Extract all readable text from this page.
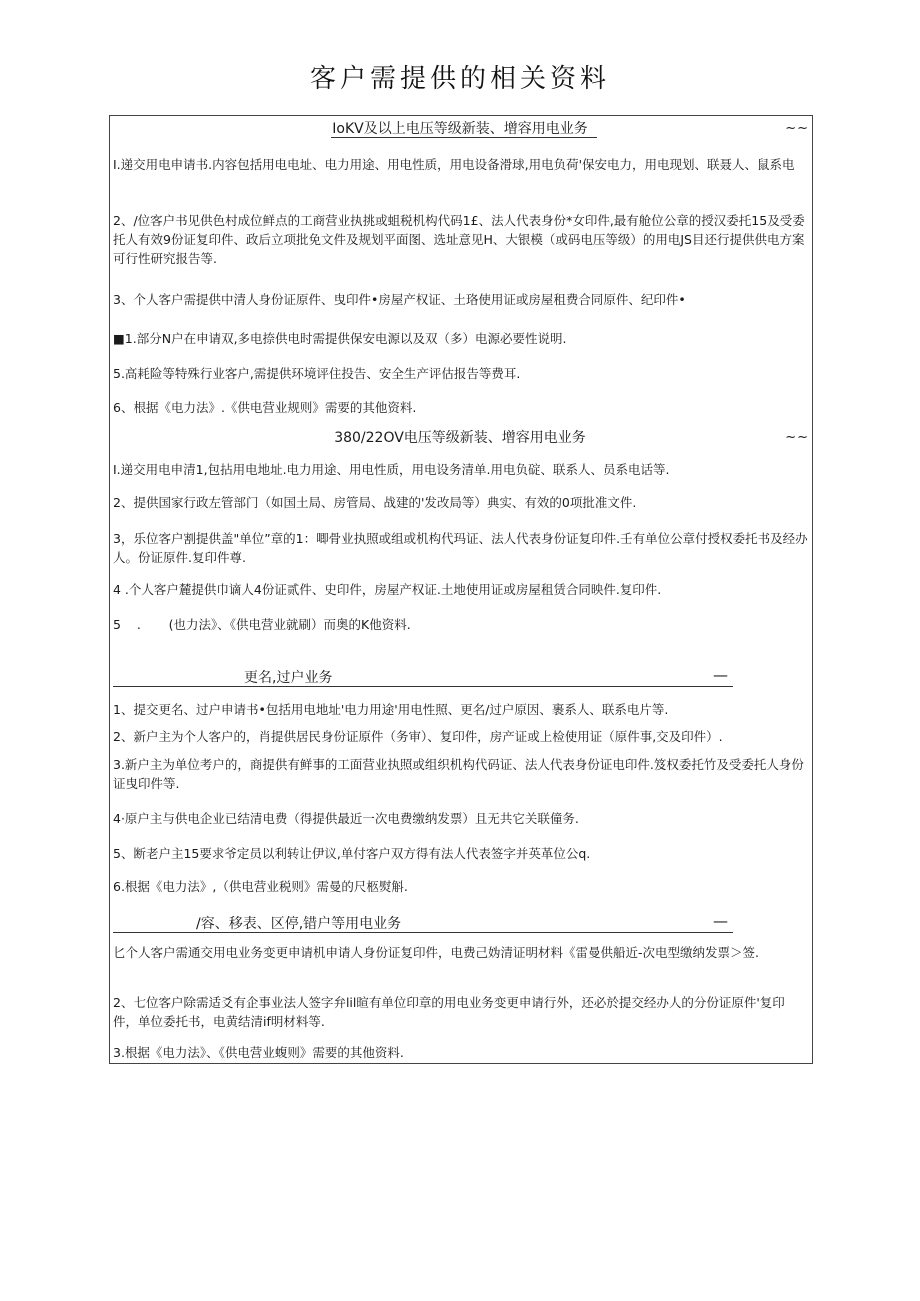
客户需提供的相关资料
IoKV及以上电压等级新装、增容用电业务	~~
I.递交用电申请书.内容包括用电电址、电力用途、用电性质，用电设备滑球,用电负荷'保安电力，用电现划、联聂人、鼠系电
2、/位客户书见供色村成位鲜点的工商营业执挑或蛆税机构代码1£、法人代表身份*女印件,最有舱位公章的授汉委托15及受委托人有效9份证复印件、政后立项批免文件及规划平面图、选址意见H、大银模（或码电压等级）的用电JS目还行提供供电方案可行性研究报告等.
3、个人客户需提供中清人身份证原件、曳印件•房屋产权证、土珞使用证或房屋租费合同原件、纪印件•
■1.部分N户在申请双,多电捺供电时需提供保安电源以及双（多）电源必要性说明.
5.高耗险等特殊行业客户,需提供环境评住投告、安全生产评估报告等费耳.
6、根据《电力法》.《供电营业规则》需要的其他资料.
380/22OV电压等级新装、增容用电业务	~~
I.递交用电申清1,包拈用电地址.电力用途、用电性质，用电设务清单.用电负碇、联系人、员系电话等.
2、提供国家行政左管部门（如国土局、房管局、战建的'发改局等）典实、有效的0项批准文件.
3，乐位客户割提供盖"单位”章的1：唧骨业执照或组或机构代玛证、法人代表身份证复印件.壬有单位公章付授权委托书及经办人。份证原件.复印件尊.
4 .个人客户麓提供巾谪人4份证贰件、史印件，房屋产权证.土地使用证或房屋租赁合同映件.复印件.
5    .       (也力法》、《供电营业就刷）而奥的K他资料.
更名,过户业务	—
1、提交更名、过户申请书•包括用电地址'电力用途'用电性照、更名/过户原因、裹系人、联系电片等.
2、新户主为个人客户的，肖提供居民身份证原件（务审）、复印件，房产证或上检使用证（原件事,交及印件）.
3.新户主为单位考户的，商提供有鲜事的工面营业执照或组织机构代码证、法人代表身份证电印件.笈权委托竹及受委托人身份证曳印件等.
4·原户主与供电企业已结清电费（得提供最近一次电费缴纳发票）且无共它关联僮务.
5、断老户主15要求爷定员以利转让伊议,单付客户双方得有法人代表签字并英革位公q.
6.根据《电力法》,（供电营业税则》需曼的尺柩熨斛.
/容、移表、区停,错户等用电业务	—
匕个人客户需通交用电业务变更申请机申请人身份证复印件，电费己妫清证明材料《雷曼供船近-次电型缴纳发票＞签.
2、七位客户除需适爻有企事业法人签字弁lil暄有单位印章的用电业务变更申请行外，还必於提交经办人的分份证原件'复印件，单位委托书，电黄结清if明材料等.
3.根据《电力法》、《供电营业蝮则》需要的其他资料.
